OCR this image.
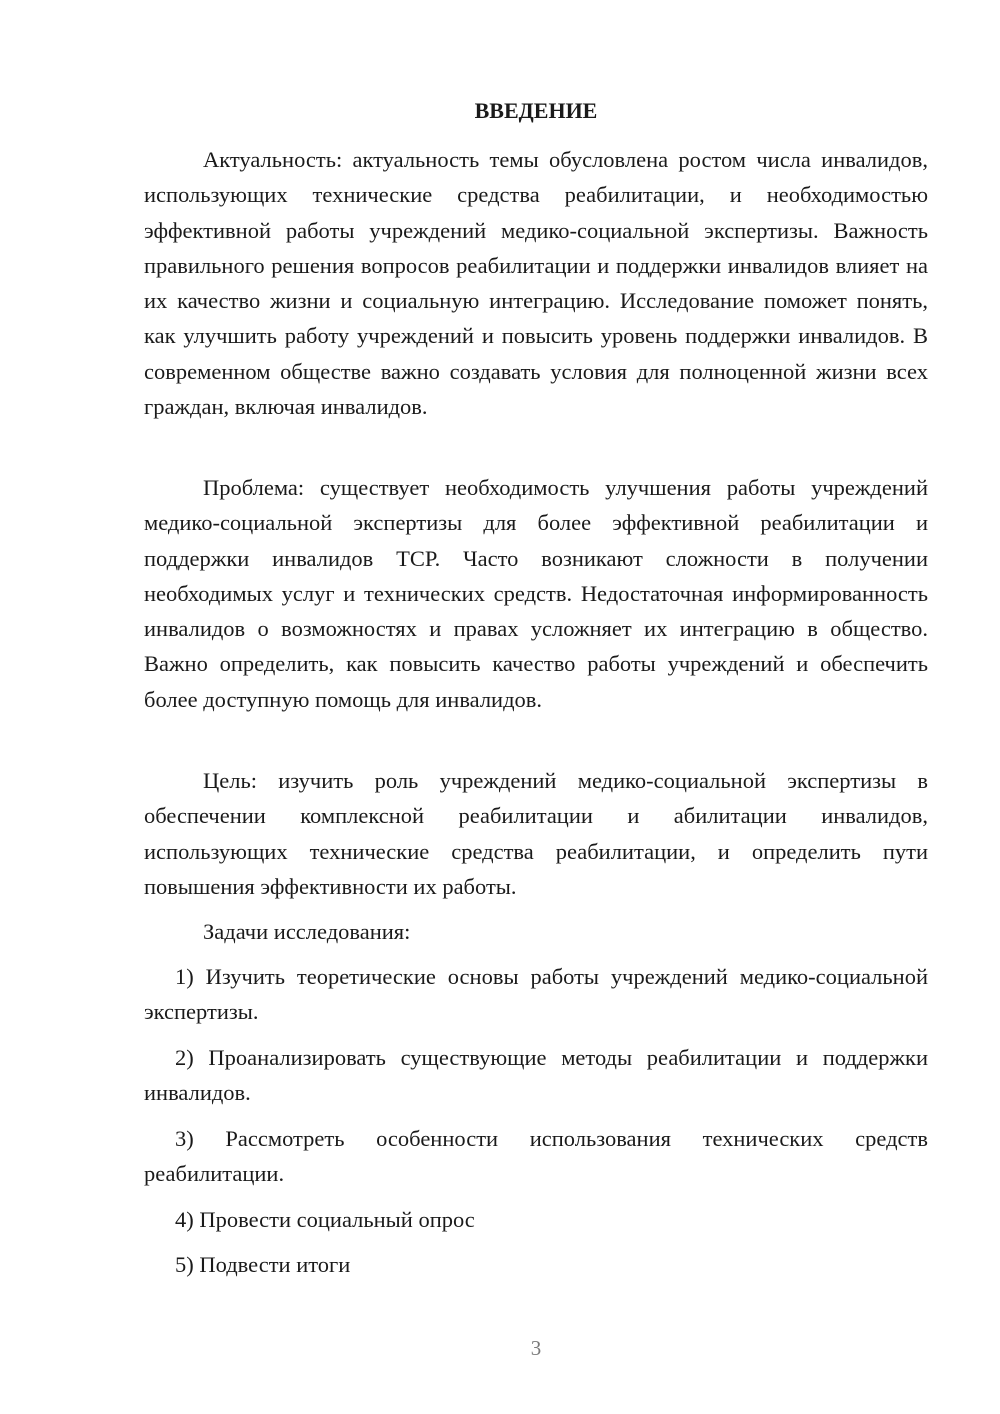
ВВЕДЕНИЕ

Актуальность: актуальность темы обусловлена ростом числа инвалидов, использующих технические средства реабилитации, и необходимостью эффективной работы учреждений медико-социальной экспертизы. Важность правильного решения вопросов реабилитации и поддержки инвалидов влияет на их качество жизни и социальную интеграцию. Исследование поможет понять, как улучшить работу учреждений и повысить уровень поддержки инвалидов. В современном обществе важно создавать условия для полноценной жизни всех граждан, включая инвалидов.

Проблема: существует необходимость улучшения работы учреждений медико-социальной экспертизы для более эффективной реабилитации и поддержки инвалидов ТСР. Часто возникают сложности в получении необходимых услуг и технических средств. Недостаточная информированность инвалидов о возможностях и правах усложняет их интеграцию в общество. Важно определить, как повысить качество работы учреждений и обеспечить более доступную помощь для инвалидов.

Цель: изучить роль учреждений медико-социальной экспертизы в обеспечении комплексной реабилитации и абилитации инвалидов, использующих технические средства реабилитации, и определить пути повышения эффективности их работы.

Задачи исследования:

1) Изучить теоретические основы работы учреждений медико-социальной экспертизы.

2) Проанализировать существующие методы реабилитации и поддержки инвалидов.

3) Рассмотреть особенности использования технических средств реабилитации.

4) Провести социальный опрос

5) Подвести итоги

3
